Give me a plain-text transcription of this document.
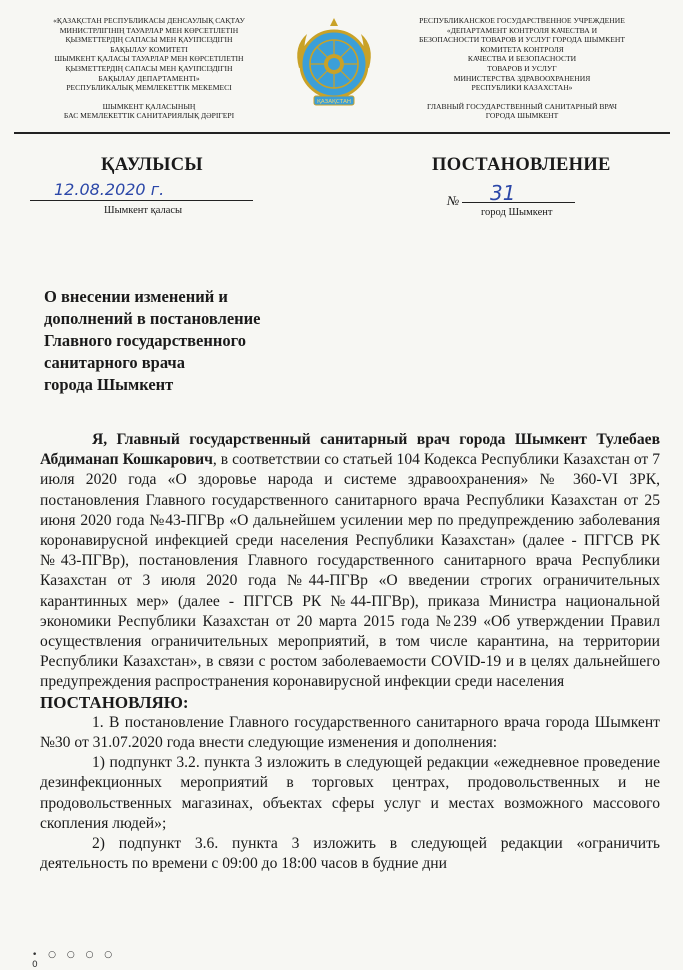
«ҚАЗАҚСТАН РЕСПУБЛИКАСЫ ДЕНСАУЛЫҚ САҚТАУ
МИНИСТРЛІГІНІҢ ТАУАРЛАР МЕН КӨРСЕТІЛЕТІН
ҚЫЗМЕТТЕРДІҢ САПАСЫ МЕН ҚАУІПСІЗДІГІН
БАҚЫЛАУ КОМИТЕТІ
ШЫМКЕНТ ҚАЛАСЫ ТАУАРЛАР МЕН КӨРСЕТІЛЕТІН
ҚЫЗМЕТТЕРДІҢ САПАСЫ МЕН ҚАУІПСІЗДІГІН
БАҚЫЛАУ ДЕПАРТАМЕНТІ»
РЕСПУБЛИКАЛЫҚ МЕМЛЕКЕТТІК МЕКЕМЕСІ
ШЫМКЕНТ ҚАЛАСЫНЫҢ
БАС МЕМЛЕКЕТТІК САНИТАРИЯЛЫҚ ДӘРІГЕРІ
ҚАЗАҚСТАН
РЕСПУБЛИКАНСКОЕ ГОСУДАРСТВЕННОЕ УЧРЕЖДЕНИЕ
«ДЕПАРТАМЕНТ КОНТРОЛЯ КАЧЕСТВА И
БЕЗОПАСНОСТИ ТОВАРОВ И УСЛУГ ГОРОДА ШЫМКЕНТ
КОМИТЕТА КОНТРОЛЯ
КАЧЕСТВА И БЕЗОПАСНОСТИ
ТОВАРОВ И УСЛУГ
МИНИСТЕРСТВА ЗДРАВООХРАНЕНИЯ
РЕСПУБЛИКИ КАЗАХСТАН»
ГЛАВНЫЙ ГОСУДАРСТВЕННЫЙ САНИТАРНЫЙ ВРАЧ
ГОРОДА ШЫМКЕНТ
ҚАУЛЫСЫ	ПОСТАНОВЛЕНИЕ
12.08.2020 г.
Шымкент қаласы
№ 31
город Шымкент
О внесении изменений и
дополнений в постановление
Главного государственного
санитарного врача
города Шымкент

Я, Главный государственный санитарный врач города Шымкент Тулебаев Абдиманап Кошкарович, в соответствии со статьей 104 Кодекса Республики Казахстан от 7 июля 2020 года «О здоровье народа и системе здравоохранения» № 360-VI ЗРК, постановления Главного государственного санитарного врача Республики Казахстан от 25 июня 2020 года №43-ПГВр «О дальнейшем усилении мер по предупреждению заболевания коронавирусной инфекцией среди населения Республики Казахстан» (далее - ПГГСВ РК №43-ПГВр), постановления Главного государственного санитарного врача Республики Казахстан от 3 июля 2020 года №44-ПГВр «О введении строгих ограничительных карантинных мер» (далее - ПГГСВ РК №44-ПГВр), приказа Министра национальной экономики Республики Казахстан от 20 марта 2015 года №239 «Об утверждении Правил осуществления ограничительных мероприятий, в том числе карантина, на территории Республики Казахстан», в связи с ростом заболеваемости COVID-19 и в целях дальнейшего предупреждения распространения коронавирусной инфекции среди населения

ПОСТАНОВЛЯЮ:

1. В постановление Главного государственного санитарного врача города Шымкент №30 от 31.07.2020 года внести следующие изменения и дополнения:

1) подпункт 3.2. пункта 3 изложить в следующей редакции «ежедневное проведение дезинфекционных мероприятий в торговых центрах, продовольственных и не продовольственных магазинах, объектах сферы услуг и местах возможного массового скопления людей»;

2) подпункт 3.6. пункта 3 изложить в следующей редакции «ограничить деятельность по времени с 09:00 до 18:00 часов в будние дни

• ○ ○ ○ ○ 0
